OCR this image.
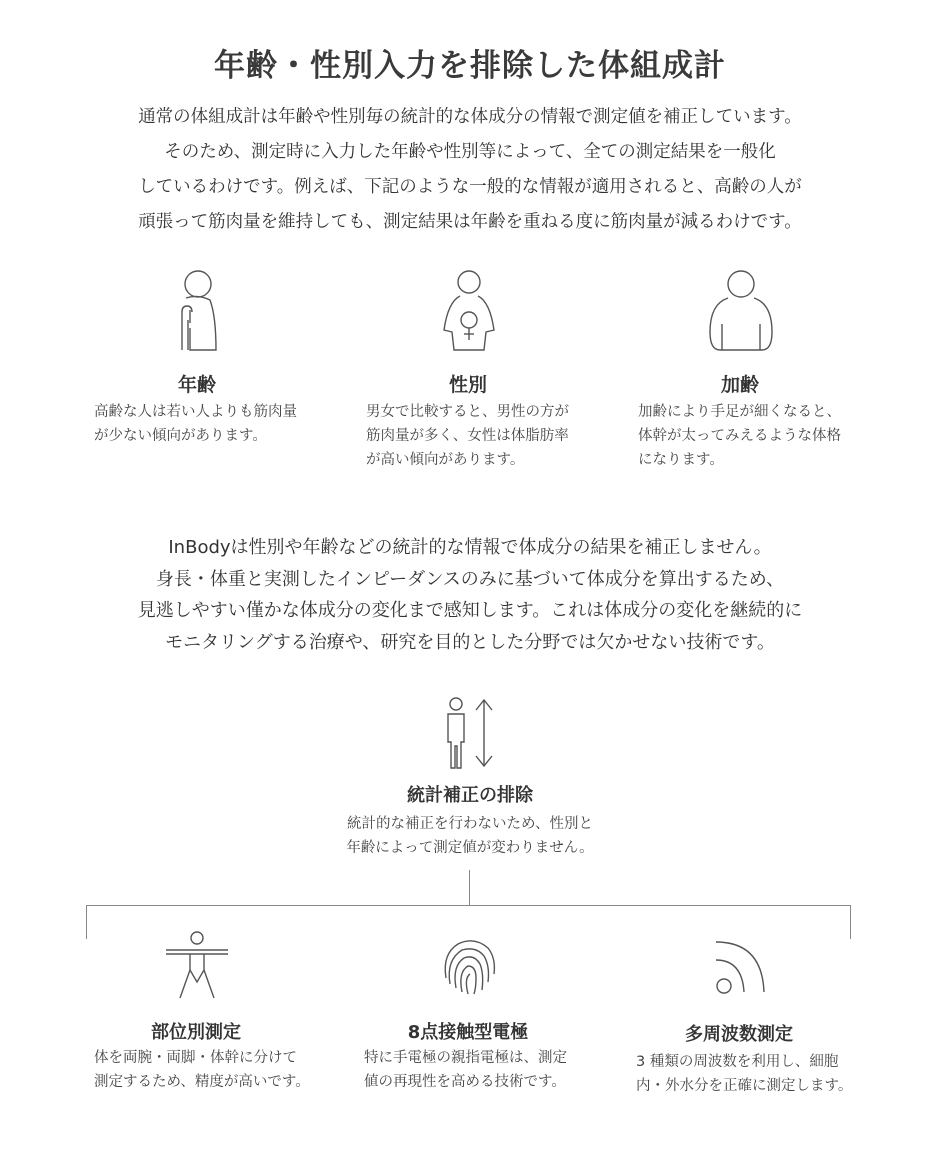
年齢・性別入力を排除した体組成計
通常の体組成計は年齢や性別毎の統計的な体成分の情報で測定値を補正しています。
そのため、測定時に入力した年齢や性別等によって、全ての測定結果を一般化
しているわけです。例えば、下記のような一般的な情報が適用されると、高齢の人が
頑張って筋肉量を維持しても、測定結果は年齢を重ねる度に筋肉量が減るわけです。
年齢
高齢な人は若い人よりも筋肉量
が少ない傾向があります。
性別
男女で比較すると、男性の方が
筋肉量が多く、女性は体脂肪率
が高い傾向があります。
加齢
加齢により手足が細くなると、
体幹が太ってみえるような体格
になります。
InBodyは性別や年齢などの統計的な情報で体成分の結果を補正しません。
身長・体重と実測したインピーダンスのみに基づいて体成分を算出するため、
見逃しやすい僅かな体成分の変化まで感知します。これは体成分の変化を継続的に
モニタリングする治療や、研究を目的とした分野では欠かせない技術です。
統計補正の排除
統計的な補正を行わないため、性別と
年齢によって測定値が変わりません。
部位別測定
体を両腕・両脚・体幹に分けて
測定するため、精度が高いです。
8点接触型電極
特に手電極の親指電極は、測定
値の再現性を高める技術です。
多周波数測定
3 種類の周波数を利用し、細胞
内・外水分を正確に測定します。
